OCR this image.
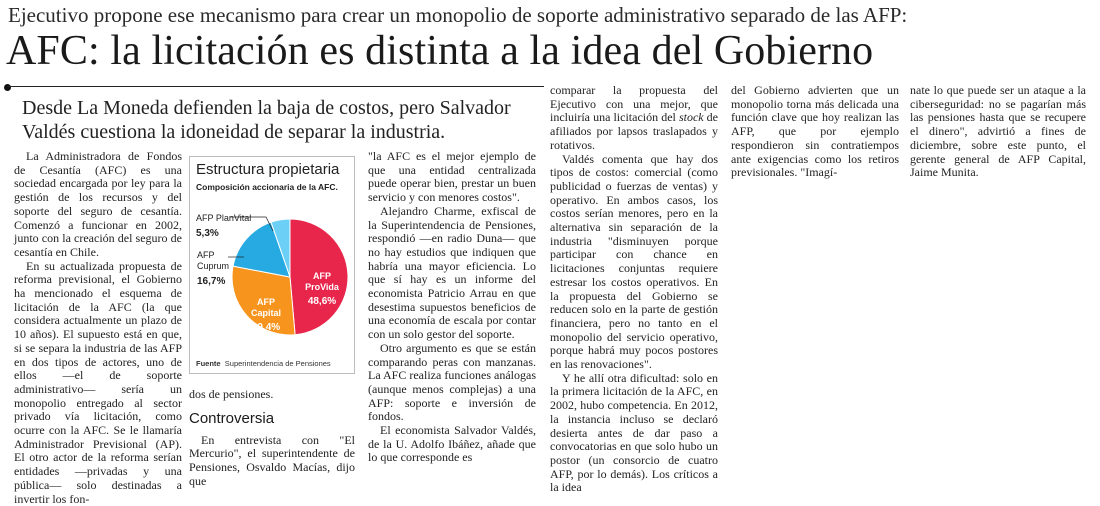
Ejecutivo propone ese mecanismo para crear un monopolio de soporte administrativo separado de las AFP:
AFC: la licitación es distinta a la idea del Gobierno
Desde La Moneda defienden la baja de costos, pero Salvador Valdés cuestiona la idoneidad de separar la industria.

La Administradora de Fondos de Cesantía (AFC) es una sociedad encargada por ley para la gestión de los recursos y del soporte del seguro de cesantía. Comenzó a funcionar en 2002, junto con la creación del seguro de cesantía en Chile.

En su actualizada propuesta de reforma previsional, el Gobierno ha mencionado el esquema de licitación de la AFC (la que considera actualmente un plazo de 10 años). El supuesto está en que, si se separa la industria de las AFP en dos tipos de actores, uno de ellos —el de soporte administrativo— sería un monopolio entregado al sector privado vía licitación, como ocurre con la AFC. Se le llamaría Administrador Previsional (AP). El otro actor de la reforma serían entidades —privadas y una pública— solo destinadas a invertir los fon-

dos de pensiones.

Controversia

En entrevista con "El Mercurio", el superintendente de Pensiones, Osvaldo Macías, dijo que

Estructura propietaria
Composición accionaria de la AFC.
AFP
ProVida
48,6%
AFP
Capital
29,4%
AFP
Cuprum
16,7%
AFP PlanVital
5,3%
Fuente Superintendencia de Pensiones

"la AFC es el mejor ejemplo de que una entidad centralizada puede operar bien, prestar un buen servicio y con menores costos".

Alejandro Charme, exfiscal de la Superintendencia de Pensiones, respondió —en radio Duna— que no hay estudios que indiquen que habría una mayor eficiencia. Lo que sí hay es un informe del economista Patricio Arrau en que desestima supuestos beneficios de una economía de escala por contar con un solo gestor del soporte.

Otro argumento es que se están comparando peras con manzanas. La AFC realiza funciones análogas (aunque menos complejas) a una AFP: soporte e inversión de fondos.

El economista Salvador Valdés, de la U. Adolfo Ibáñez, añade que lo que corresponde es

comparar la propuesta del Ejecutivo con una mejor, que incluiría una licitación del stock de afiliados por lapsos traslapados y rotativos.

Valdés comenta que hay dos tipos de costos: comercial (como publicidad o fuerzas de ventas) y operativo. En ambos casos, los costos serían menores, pero en la alternativa sin separación de la industria "disminuyen porque participar con chance en licitaciones conjuntas requiere estresar los costos operativos. En la propuesta del Gobierno se reducen solo en la parte de gestión financiera, pero no tanto en el monopolio del servicio operativo, porque habrá muy pocos postores en las renovaciones".

Y he allí otra dificultad: solo en la primera licitación de la AFC, en 2002, hubo competencia. En 2012, la instancia incluso se declaró desierta antes de dar paso a convocatorias en que solo hubo un postor (un consorcio de cuatro AFP, por lo demás). Los críticos a la idea

del Gobierno advierten que un monopolio torna más delicada una función clave que hoy realizan las AFP, que por ejemplo respondieron sin contratiempos ante exigencias como los retiros previsionales. "Imagí-

nate lo que puede ser un ataque a la ciberseguridad: no se pagarían más las pensiones hasta que se recupere el dinero", advirtió a fines de diciembre, sobre este punto, el gerente general de AFP Capital, Jaime Munita.
